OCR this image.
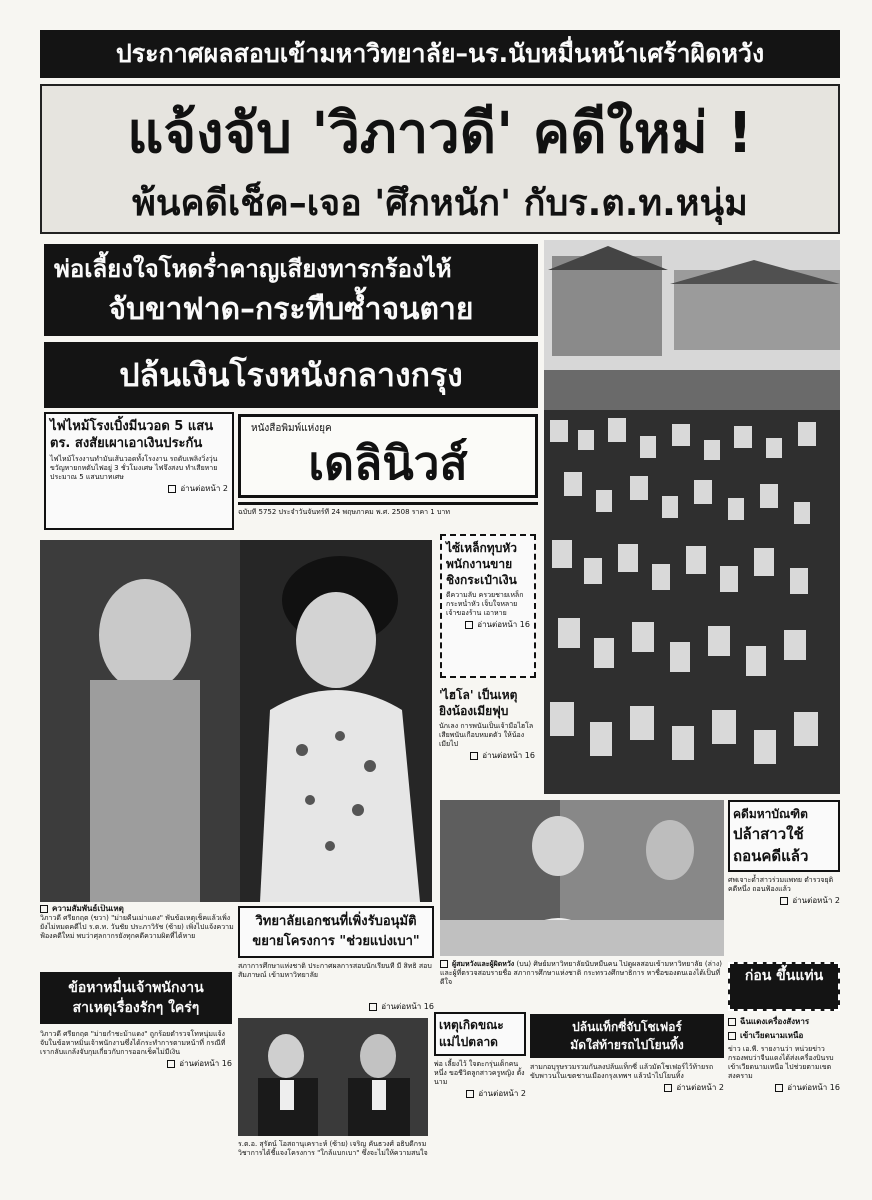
ประกาศผลสอบเข้ามหาวิทยาลัย–นร.นับหมื่นหน้าเศร้าผิดหวัง
แจ้งจับ 'วิภาวดี' คดีใหม่ !
พ้นคดีเช็ค–เจอ 'ศึกหนัก' กับร.ต.ท.หนุ่ม
พ่อเลี้ยงใจโหดร่ำคาญเสียงทารกร้องไห้
จับขาฟาด–กระทืบซ้ำจนตาย
ปล้นเงินโรงหนังกลางกรุง
ไฟไหม้โรงเบิ้งมีนวอด 5 แสน
ตร. สงสัยเผาเอาเงินประกัน
ไฟไหม้โรงงานทำมันเส้นวอดทั้งโรงงาน รถดับเพลิงวิ่งวุ่น ขวัญหายกหตับไฟอยู่ 3 ชั่วโมงเศษ ไฟจึงสงบ ทำเสียหายประมาณ 5 แสนบาทเศษ
อ่านต่อหน้า 2
หนังสือพิมพ์แห่งยุค
เดลินิวส์
ฉบับที่ 5752 ประจำวันจันทร์ที่ 24 พฤษภาคม พ.ศ. 2508 ราคา 1 บาท
ไซ้เหล็กทุบหัว
พนักงานขาย
ชิงกระเป๋าเงิน
ตีความลับ ครวยชายเหล็ก กระหน่ำหัว เจ็บใจหลายเจ้าของร้าน เอาหาย
อ่านต่อหน้า 16
'ไฮโล' เป็นเหตุ
ยิงน้องเมียฟุบ
นักเลง การพนันเป็นเจ้ามือไฮโล เสียพนันเกือบหมดตัว ให้น้องเมียไป
อ่านต่อหน้า 16
ความสัมพันธ์เป็นเหตุ
วิภาวดี ศรียกฤต (ขวา) "ม่ายคืนเม่าแดง" พันข้อเหตุเช็คแล้วเพิ่งยังไม่หมดคดีไป ร.ต.ท. วันชัย ประภาวิรัช (ซ้าย) เพิ่งไปแจ้งความ ฟ้องคดีใหม่ พบว่าศุลกากรยังทุกคดีความผิดที่ได้หาย
วิทยาลัยเอกชนที่เพิ่งรับอนุมัติ
ขยายโครงการ "ช่วยแบ่งเบา"
สภาการศึกษาแห่งชาติ ประกาศผลการสอบนักเรียนที่ มี สิทธิ สอบสัมภาษณ์ เข้ามหาวิทยาลัย
อ่านต่อหน้า 16
ผู้สมหวังและผู้ผิดหวัง (บน) ศิษย์มหาวิทยาลัยนับหมื่นคน ไปดูผลสอบเข้ามหาวิทยาลัย (ล่าง) และผู้ที่ตรวจสอบรายชื่อ สภาการศึกษาแห่งชาติ กระทรวงศึกษาธิการ หาชื่อของตนเองได้เป็นที่ดีใจ
คดีมหาบัณฑิต
ปล้าสาวใช้
ถอนคดีแล้ว
ศพเจาะด้ำสาวร่วมแพทย ตำรวจยุติคดีหนึ่ง ถอนฟ้องแล้ว
อ่านต่อหน้า 2
ก่อน ขึ้นแท่น
ฉีนแดงเครื่องสังหาร
เข้าเวียดนามเหนือ
ข่าว เอ.พี. รายงานว่า หน่วยข่าวกรองพบว่าจีนแดงได้ส่งเครื่องบินรบเข้าเวียดนามเหนือ ไปช่วยตามเขตสงคราม
อ่านต่อหน้า 16
ข้อหาหมื่นเจ้าพนักงาน
สาเหตุเรื่องรักๆ ใคร่ๆ
วิภาวดี ศรียกฤต "ม่ายกำชะม้าแดง" ถูกร้อยตำรวจโทหนุ่มแจ้งจับในข้อหาหมิ่นเจ้าพนักงานซึ่งได้กระทำการตามหน้าที่ กรณีที่เรากลับแกล้งจับกุมเกี่ยวกับการออกเช็คไม่มีเงิน
อ่านต่อหน้า 16
ร.ต.อ. สุรัตน์ โอสถานุเคราะห์ (ซ้าย) เจริญ คันธวงศ์ อธิบดีกรมวิชาการได้ชี้แจงโครงการ "ใกล้แบกเบา" ซึ่งจะไม่ให้ความสนใจ
เหตุเกิดขณะ
แม่ไปตลาด
พ่อ เลี้ยงไว้ ใจตะกรุ่นเด็กคนหนึ่ง ขอชีวิตลูกสาวครูหญิง ตั้งนาม
อ่านต่อหน้า 2
ปล้นแท็กซี่จับโชเฟอร์
มัดใส่ท้ายรถไปโยนทิ้ง
สามกอบุรุษรวมรวมกันลงปล้นแท็กซี่ แล้วมัดโชเฟอร์ไว้ท้ายรถ ขับพาวนในเขตชานเมืองกรุงเทพฯ แล้วนำไปโยนทิ้ง
อ่านต่อหน้า 2
